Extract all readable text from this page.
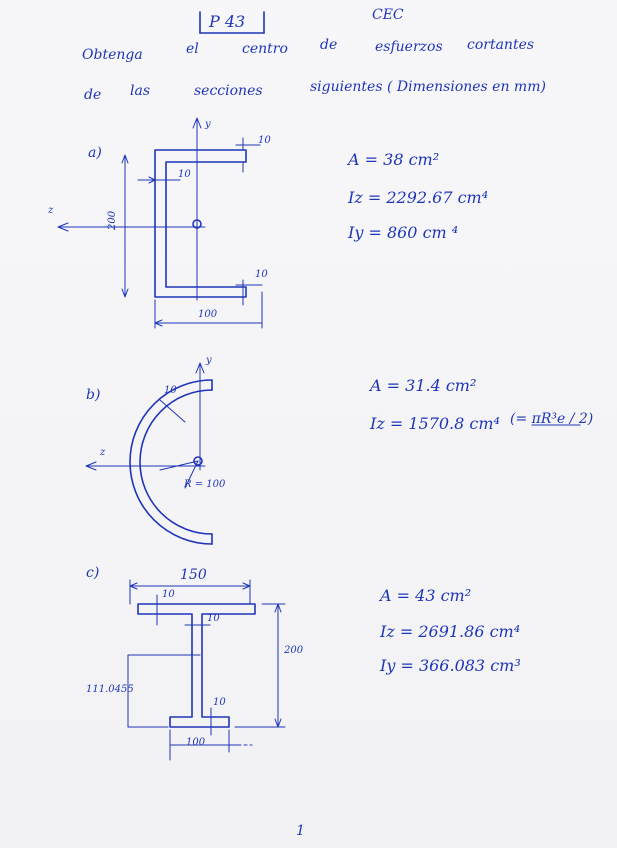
P 43	CEC
Obtenga	el	centro de	esfuerzos cortantes
de las	secciones	siguientes ( Dimensiones en mm)
a)
y
z
10
10
200
10
100
A = 38 cm²
Iz = 2292.67 cm⁴
Iy = 860 cm ⁴
b)
y
z
10
R = 100
A = 31.4 cm²
Iz = 1570.8 cm⁴ (= πR³e / 2)
c)	150
10
10
200
111.0455
10
100
A = 43 cm²
Iz = 2691.86 cm⁴
Iy = 366.083 cm³
1
